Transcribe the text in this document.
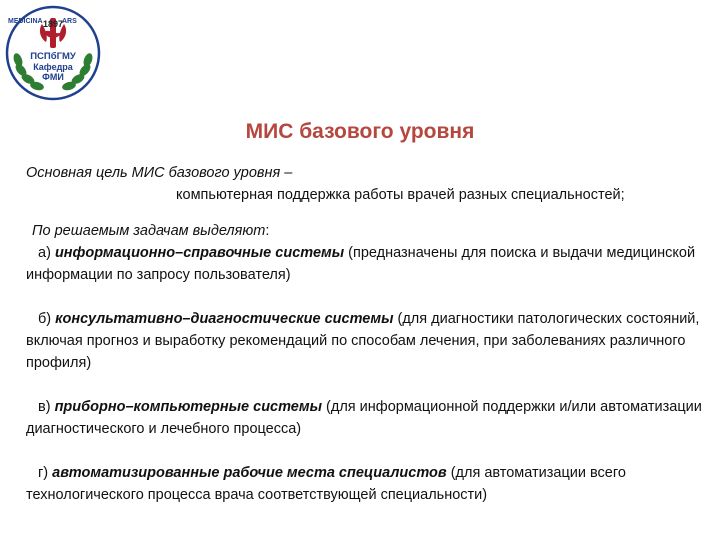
MEDICINA	ARS
1897
ПСПбГМУ
Кафедра
ФМИ
МИС базового уровня

Основная цель МИС базового уровня –

компьютерная поддержка работы врачей разных специальностей;

По решаемым задачам выделяют:

а) информационно–справочные системы (предназначены для поиска и выдачи медицинской информации по запросу пользователя)

б) консультативно–диагностические системы (для диагностики патологических состояний, включая прогноз и выработку рекомендаций по способам лечения, при заболеваниях различного профиля)

в) приборно–компьютерные системы (для информационной поддержки и/или автоматизации диагностического и лечебного процесса)

г) автоматизированные рабочие места специалистов (для автоматизации всего технологического процесса врача соответствующей специальности)
